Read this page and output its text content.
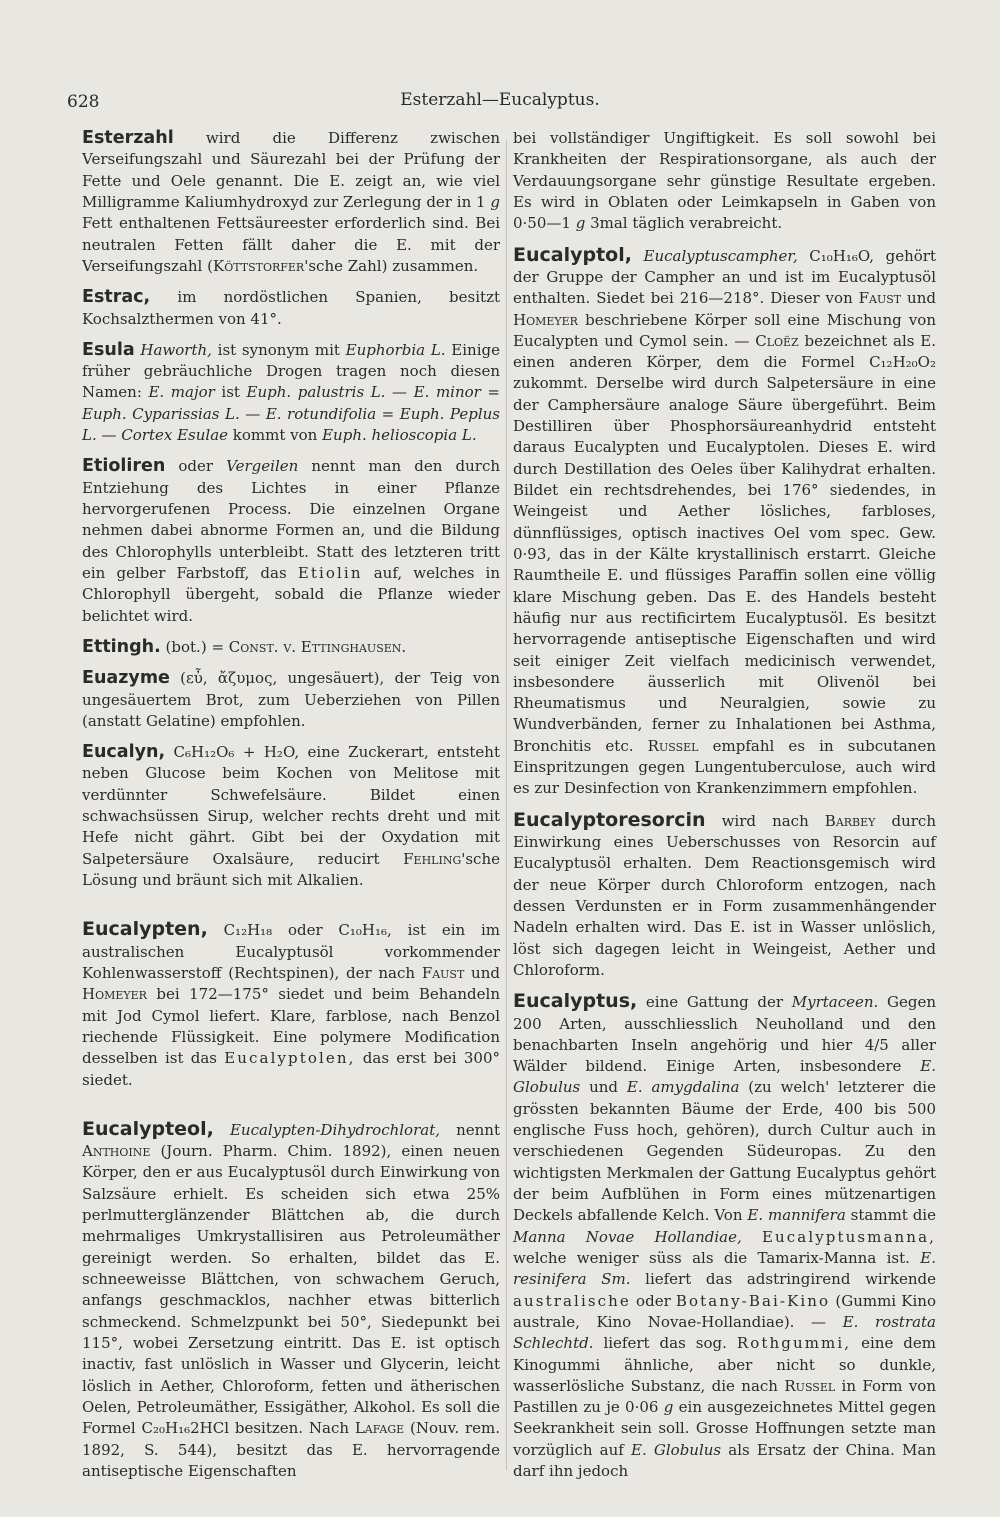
628	Esterzahl—Eucalyptus.

Esterzahl wird die Differenz zwischen Verseifungszahl und Säurezahl bei der Prüfung der Fette und Oele genannt. Die E. zeigt an, wie viel Milligramme Kaliumhydroxyd zur Zerlegung der in 1 g Fett enthaltenen Fettsäureester erforderlich sind. Bei neutralen Fetten fällt daher die E. mit der Verseifungszahl (Köttstorfer'sche Zahl) zusammen.

Estrac, im nordöstlichen Spanien, besitzt Kochsalzthermen von 41°.

Esula Haworth, ist synonym mit Euphorbia L. Einige früher gebräuchliche Drogen tragen noch diesen Namen: E. major ist Euph. palustris L. — E. minor = Euph. Cyparissias L. — E. rotundifolia = Euph. Peplus L. — Cortex Esulae kommt von Euph. helioscopia L.

Etioliren oder Vergeilen nennt man den durch Entziehung des Lichtes in einer Pflanze hervorgerufenen Process. Die einzelnen Organe nehmen dabei abnorme Formen an, und die Bildung des Chlorophylls unterbleibt. Statt des letzteren tritt ein gelber Farbstoff, das Etiolin auf, welches in Chlorophyll übergeht, sobald die Pflanze wieder belichtet wird.

Ettingh. (bot.) = Const. v. Ettinghausen.

Euazyme (εὖ, ἄζυμος, ungesäuert), der Teig von ungesäuertem Brot, zum Ueberziehen von Pillen (anstatt Gelatine) empfohlen.

Eucalyn, C₆H₁₂O₆ + H₂O, eine Zuckerart, entsteht neben Glucose beim Kochen von Melitose mit verdünnter Schwefelsäure. Bildet einen schwachsüssen Sirup, welcher rechts dreht und mit Hefe nicht gährt. Gibt bei der Oxydation mit Salpetersäure Oxalsäure, reducirt Fehling'sche Lösung und bräunt sich mit Alkalien.

Eucalypten, C₁₂H₁₈ oder C₁₀H₁₆, ist ein im australischen Eucalyptusöl vorkommender Kohlenwasserstoff (Rechtspinen), der nach Faust und Homeyer bei 172—175° siedet und beim Behandeln mit Jod Cymol liefert. Klare, farblose, nach Benzol riechende Flüssigkeit. Eine polymere Modification desselben ist das Eucalyptolen, das erst bei 300° siedet.

Eucalypteol, Eucalypten-Dihydrochlorat, nennt Anthoine (Journ. Pharm. Chim. 1892), einen neuen Körper, den er aus Eucalyptusöl durch Einwirkung von Salzsäure erhielt. Es scheiden sich etwa 25% perlmutterglänzender Blättchen ab, die durch mehrmaliges Umkrystallisiren aus Petroleumäther gereinigt werden. So erhalten, bildet das E. schneeweisse Blättchen, von schwachem Geruch, anfangs geschmacklos, nachher etwas bitterlich schmeckend. Schmelzpunkt bei 50°, Siedepunkt bei 115°, wobei Zersetzung eintritt. Das E. ist optisch inactiv, fast unlöslich in Wasser und Glycerin, leicht löslich in Aether, Chloroform, fetten und ätherischen Oelen, Petroleumäther, Essigäther, Alkohol. Es soll die Formel C₂₀H₁₆2HCl besitzen. Nach Lafage (Nouv. rem. 1892, S. 544), besitzt das E. hervorragende antiseptische Eigenschaften

bei vollständiger Ungiftigkeit. Es soll sowohl bei Krankheiten der Respirationsorgane, als auch der Verdauungsorgane sehr günstige Resultate ergeben. Es wird in Oblaten oder Leimkapseln in Gaben von 0·50—1 g 3mal täglich verabreicht.

Eucalyptol, Eucalyptuscampher, C₁₀H₁₆O, gehört der Gruppe der Campher an und ist im Eucalyptusöl enthalten. Siedet bei 216—218°. Dieser von Faust und Homeyer beschriebene Körper soll eine Mischung von Eucalypten und Cymol sein. — Cloëz bezeichnet als E. einen anderen Körper, dem die Formel C₁₂H₂₀O₂ zukommt. Derselbe wird durch Salpetersäure in eine der Camphersäure analoge Säure übergeführt. Beim Destilliren über Phosphorsäureanhydrid entsteht daraus Eucalypten und Eucalyptolen. Dieses E. wird durch Destillation des Oeles über Kalihydrat erhalten. Bildet ein rechtsdrehendes, bei 176° siedendes, in Weingeist und Aether lösliches, farbloses, dünnflüssiges, optisch inactives Oel vom spec. Gew. 0·93, das in der Kälte krystallinisch erstarrt. Gleiche Raumtheile E. und flüssiges Paraffin sollen eine völlig klare Mischung geben. Das E. des Handels besteht häufig nur aus rectificirtem Eucalyptusöl. Es besitzt hervorragende antiseptische Eigenschaften und wird seit einiger Zeit vielfach medicinisch verwendet, insbesondere äusserlich mit Olivenöl bei Rheumatismus und Neuralgien, sowie zu Wundverbänden, ferner zu Inhalationen bei Asthma, Bronchitis etc. Russel empfahl es in subcutanen Einspritzungen gegen Lungentuberculose, auch wird es zur Desinfection von Krankenzimmern empfohlen.

Eucalyptoresorcin wird nach Barbey durch Einwirkung eines Ueberschusses von Resorcin auf Eucalyptusöl erhalten. Dem Reactionsgemisch wird der neue Körper durch Chloroform entzogen, nach dessen Verdunsten er in Form zusammenhängender Nadeln erhalten wird. Das E. ist in Wasser unlöslich, löst sich dagegen leicht in Weingeist, Aether und Chloroform.

Eucalyptus, eine Gattung der Myrtaceen. Gegen 200 Arten, ausschliesslich Neuholland und den benachbarten Inseln angehörig und hier 4/5 aller Wälder bildend. Einige Arten, insbesondere E. Globulus und E. amygdalina (zu welch' letzterer die grössten bekannten Bäume der Erde, 400 bis 500 englische Fuss hoch, gehören), durch Cultur auch in verschiedenen Gegenden Südeuropas. Zu den wichtigsten Merkmalen der Gattung Eucalyptus gehört der beim Aufblühen in Form eines mützenartigen Deckels abfallende Kelch. Von E. mannifera stammt die Manna Novae Hollandiae, Eucalyptusmanna, welche weniger süss als die Tamarix-Manna ist. E. resinifera Sm. liefert das adstringirend wirkende australische oder Botany-Bai-Kino (Gummi Kino australe, Kino Novae-Hollandiae). — E. rostrata Schlechtd. liefert das sog. Rothgummi, eine dem Kinogummi ähnliche, aber nicht so dunkle, wasserlösliche Substanz, die nach Russel in Form von Pastillen zu je 0·06 g ein ausgezeichnetes Mittel gegen Seekrankheit sein soll. Grosse Hoffnungen setzte man vorzüglich auf E. Globulus als Ersatz der China. Man darf ihn jedoch
